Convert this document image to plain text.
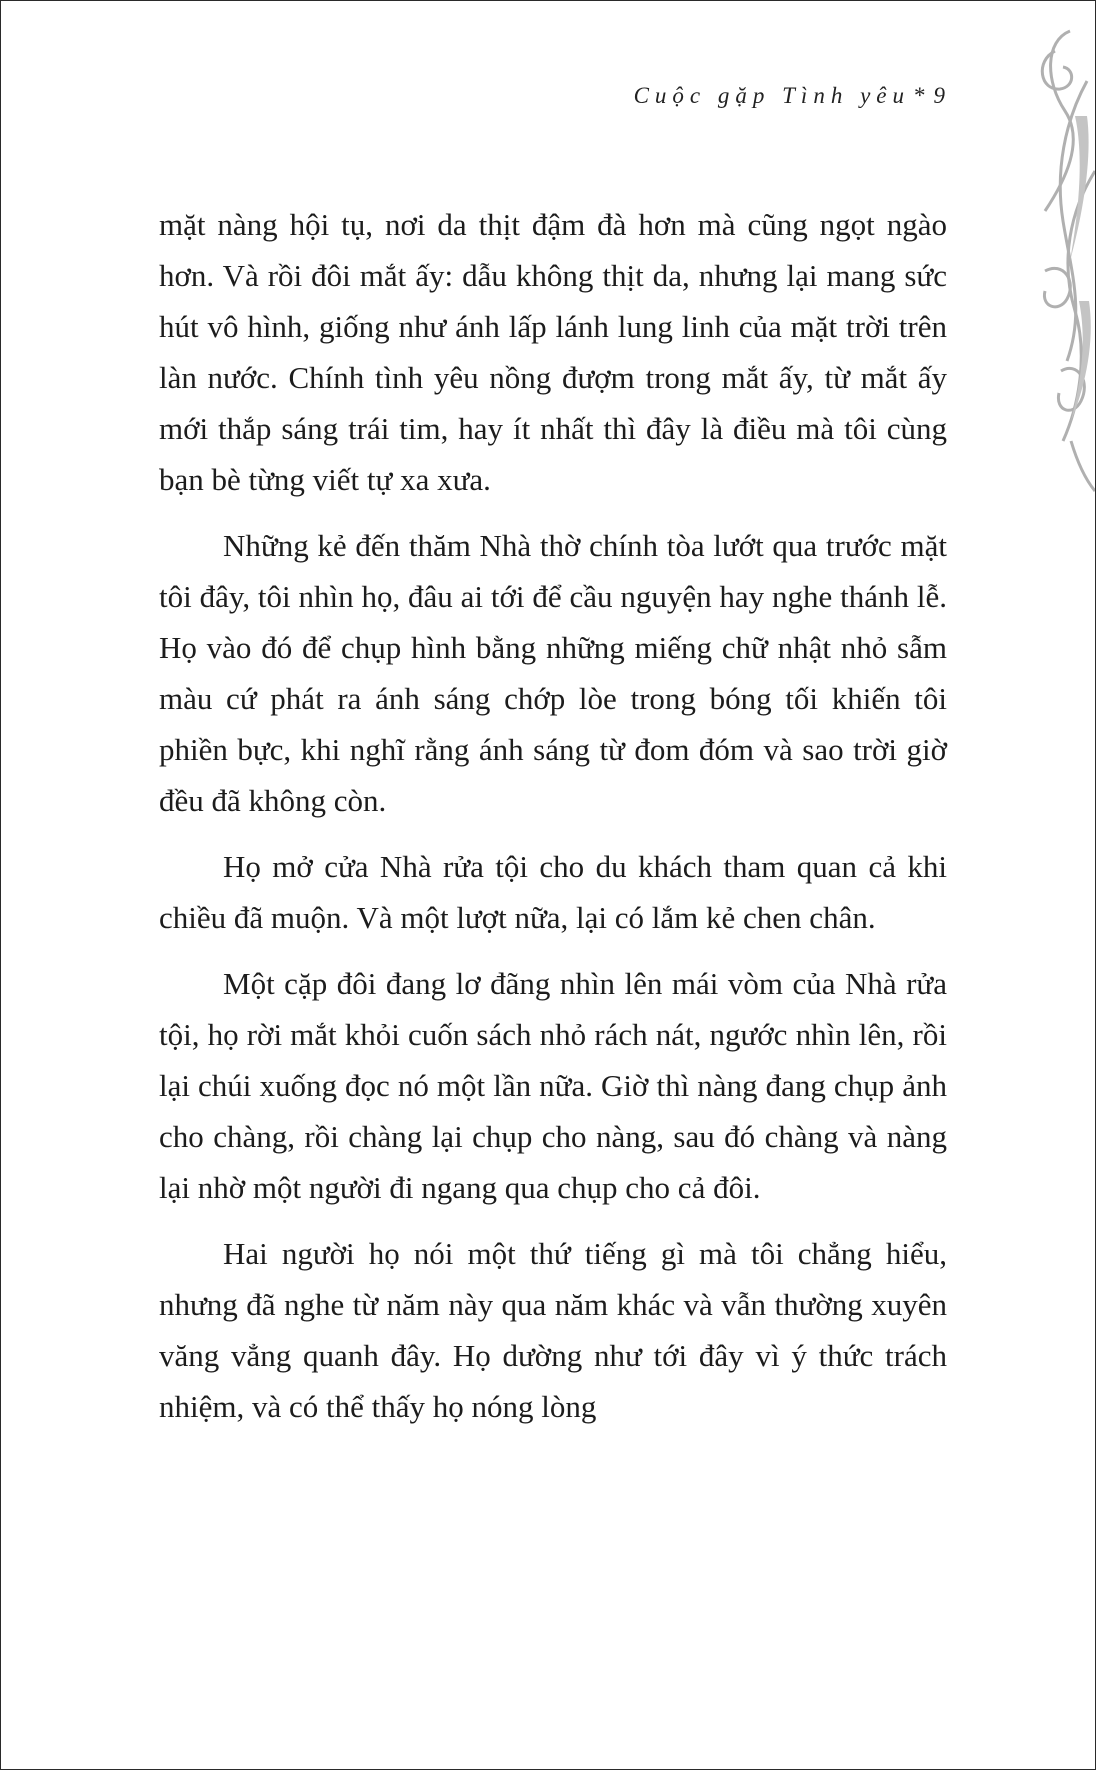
Cuộc gặp Tình yêu * 9

mặt nàng hội tụ, nơi da thịt đậm đà hơn mà cũng ngọt ngào hơn. Và rồi đôi mắt ấy: dẫu không thịt da, nhưng lại mang sức hút vô hình, giống như ánh lấp lánh lung linh của mặt trời trên làn nước. Chính tình yêu nồng đượm trong mắt ấy, từ mắt ấy mới thắp sáng trái tim, hay ít nhất thì đây là điều mà tôi cùng bạn bè từng viết tự xa xưa.

Những kẻ đến thăm Nhà thờ chính tòa lướt qua trước mặt tôi đây, tôi nhìn họ, đâu ai tới để cầu nguyện hay nghe thánh lễ. Họ vào đó để chụp hình bằng những miếng chữ nhật nhỏ sẫm màu cứ phát ra ánh sáng chớp lòe trong bóng tối khiến tôi phiền bực, khi nghĩ rằng ánh sáng từ đom đóm và sao trời giờ đều đã không còn.

Họ mở cửa Nhà rửa tội cho du khách tham quan cả khi chiều đã muộn. Và một lượt nữa, lại có lắm kẻ chen chân.

Một cặp đôi đang lơ đãng nhìn lên mái vòm của Nhà rửa tội, họ rời mắt khỏi cuốn sách nhỏ rách nát, ngước nhìn lên, rồi lại chúi xuống đọc nó một lần nữa. Giờ thì nàng đang chụp ảnh cho chàng, rồi chàng lại chụp cho nàng, sau đó chàng và nàng lại nhờ một người đi ngang qua chụp cho cả đôi.

Hai người họ nói một thứ tiếng gì mà tôi chẳng hiểu, nhưng đã nghe từ năm này qua năm khác và vẫn thường xuyên văng vẳng quanh đây. Họ dường như tới đây vì ý thức trách nhiệm, và có thể thấy họ nóng lòng
